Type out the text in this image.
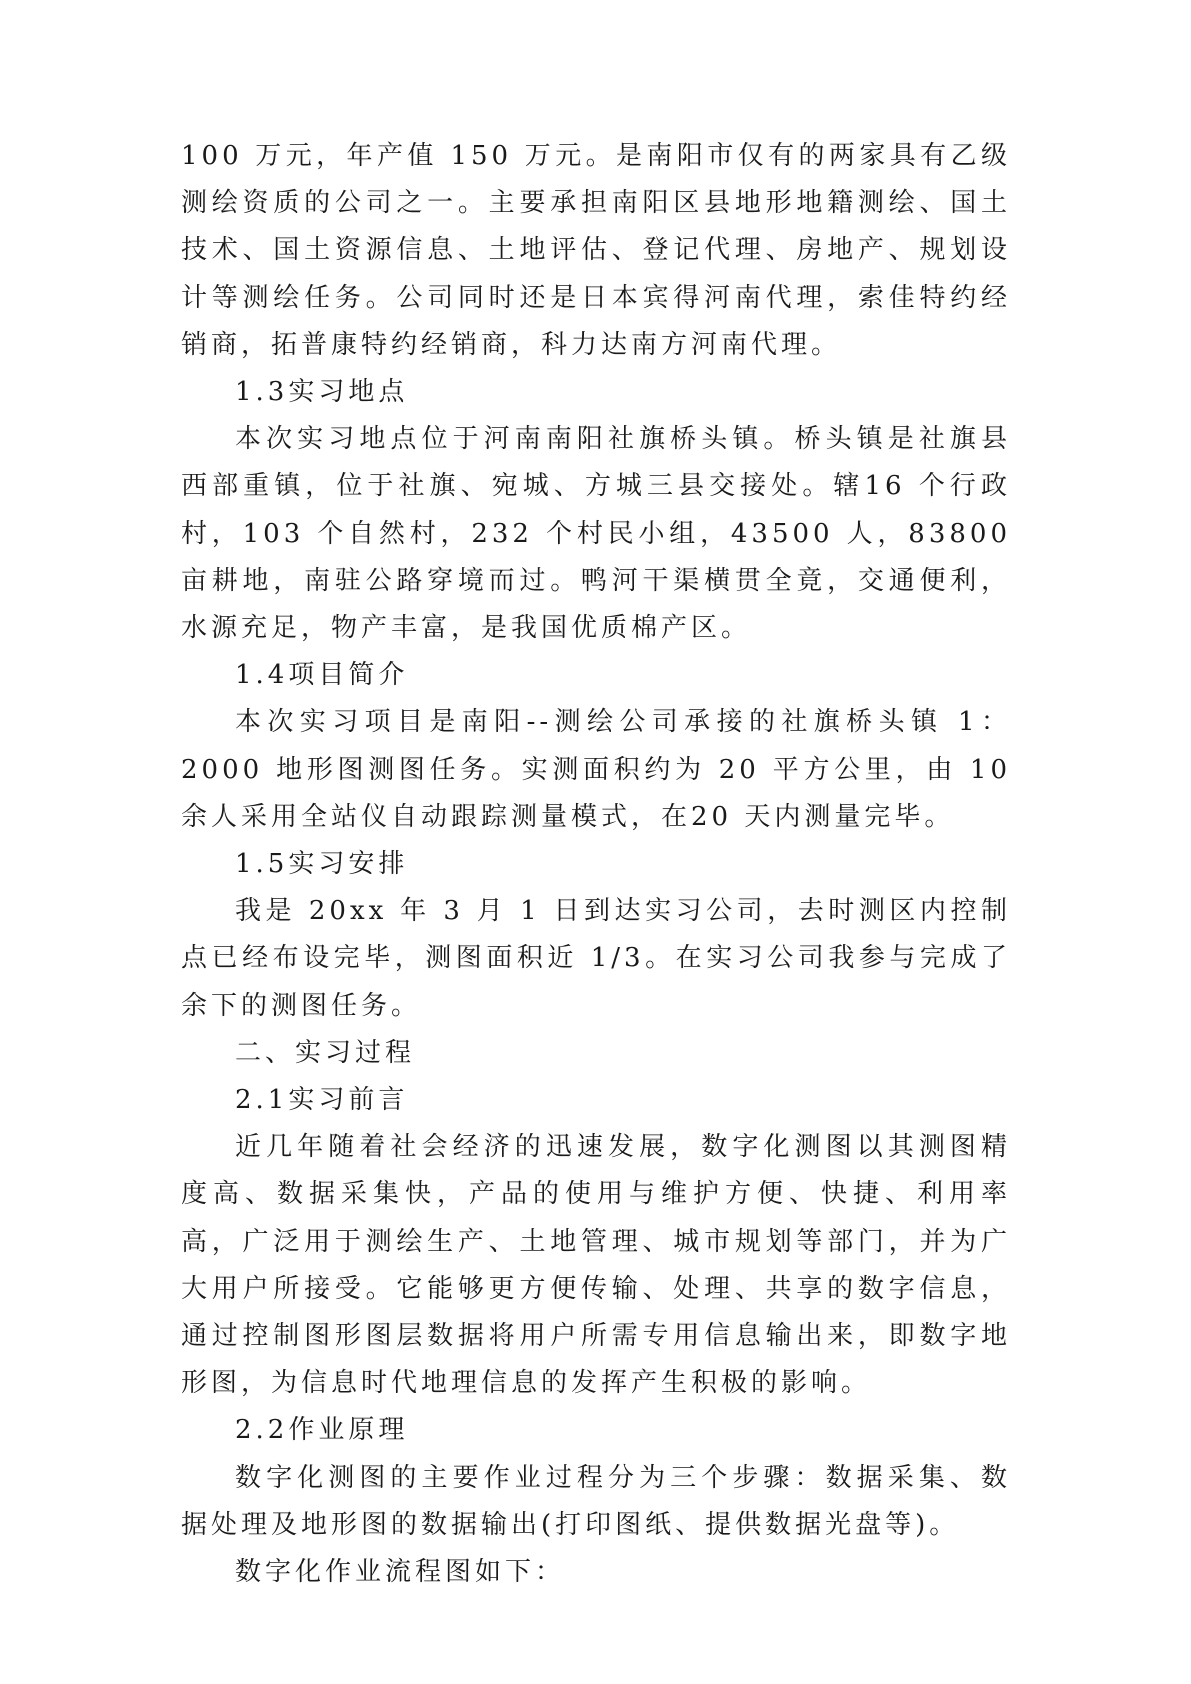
100 万元，年产值 150 万元。是南阳市仅有的两家具有乙级测绘资质的公司之一。主要承担南阳区县地形地籍测绘、国土技术、国土资源信息、土地评估、登记代理、房地产、规划设计等测绘任务。公司同时还是日本宾得河南代理，索佳特约经销商，拓普康特约经销商，科力达南方河南代理。

1.3实习地点

本次实习地点位于河南南阳社旗桥头镇。桥头镇是社旗县西部重镇，位于社旗、宛城、方城三县交接处。辖16 个行政村，103 个自然村，232 个村民小组，43500 人，83800 亩耕地，南驻公路穿境而过。鸭河干渠横贯全竟，交通便利，水源充足，物产丰富，是我国优质棉产区。

1.4项目简介

本次实习项目是南阳--测绘公司承接的社旗桥头镇 1：2000 地形图测图任务。实测面积约为 20 平方公里，由 10 余人采用全站仪自动跟踪测量模式，在20 天内测量完毕。

1.5实习安排

我是 20xx 年 3 月 1 日到达实习公司，去时测区内控制点已经布设完毕，测图面积近 1/3。在实习公司我参与完成了余下的测图任务。

二、实习过程

2.1实习前言

近几年随着社会经济的迅速发展，数字化测图以其测图精度高、数据采集快，产品的使用与维护方便、快捷、利用率高，广泛用于测绘生产、土地管理、城市规划等部门，并为广大用户所接受。它能够更方便传输、处理、共享的数字信息，通过控制图形图层数据将用户所需专用信息输出来，即数字地形图，为信息时代地理信息的发挥产生积极的影响。

2.2作业原理

数字化测图的主要作业过程分为三个步骤：数据采集、数据处理及地形图的数据输出(打印图纸、提供数据光盘等)。

数字化作业流程图如下：
